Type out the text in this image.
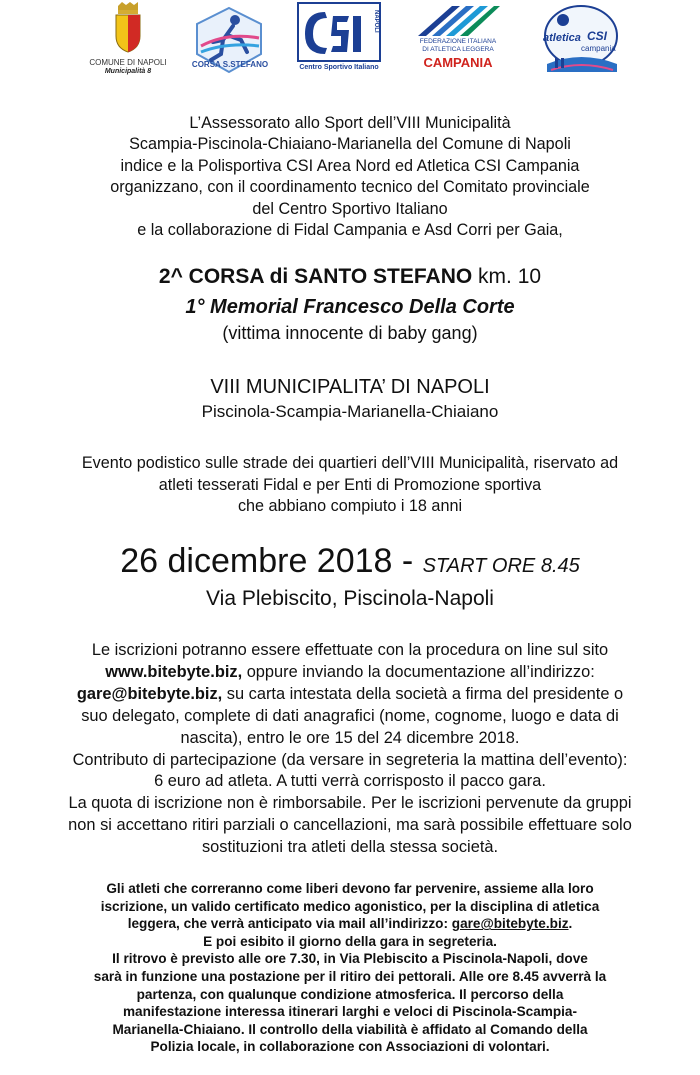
COMUNE DI NAPOLI
Municipalità 8
CORSA S.STEFANO
NAPOLI
Centro Sportivo Italiano
FEDERAZIONE ITALIANA
DI ATLETICA LEGGERA
CAMPANIA
atletica CSI
campania
L’Assessorato allo Sport dell’VIII Municipalità
Scampia-Piscinola-Chiaiano-Marianella del Comune di Napoli
indice e la Polisportiva CSI Area Nord ed Atletica CSI Campania
organizzano, con il coordinamento tecnico del Comitato provinciale
del Centro Sportivo Italiano
e la collaborazione di Fidal Campania e Asd Corri per Gaia,
2^ CORSA di SANTO STEFANO km. 10
1° Memorial Francesco Della Corte
(vittima innocente di baby gang)
VIII MUNICIPALITA’ DI NAPOLI
Piscinola-Scampia-Marianella-Chiaiano
Evento podistico sulle strade dei quartieri dell’VIII Municipalità, riservato ad
atleti tesserati Fidal e per Enti di Promozione sportiva
che abbiano compiuto i 18 anni
26 dicembre 2018 - START ORE 8.45
Via Plebiscito, Piscinola-Napoli
Le iscrizioni potranno essere effettuate con la procedura on line sul sito
www.bitebyte.biz, oppure inviando la documentazione all’indirizzo:
gare@bitebyte.biz, su carta intestata della società a firma del presidente o
suo delegato, complete di dati anagrafici (nome, cognome, luogo e data di
nascita), entro le ore 15 del 24 dicembre 2018.
Contributo di partecipazione (da versare in segreteria la mattina dell’evento):
6 euro ad atleta. A tutti verrà corrisposto il pacco gara.
La quota di iscrizione non è rimborsabile. Per le iscrizioni pervenute da gruppi
non si accettano ritiri parziali o cancellazioni, ma sarà possibile effettuare solo
sostituzioni tra atleti della stessa società.
Gli atleti che correranno come liberi devono far pervenire, assieme alla loro
iscrizione, un valido certificato medico agonistico, per la disciplina di atletica
leggera, che verrà anticipato via mail all’indirizzo: gare@bitebyte.biz.
E poi esibito il giorno della gara in segreteria.
Il ritrovo è previsto alle ore 7.30, in Via Plebiscito a Piscinola-Napoli, dove
sarà in funzione una postazione per il ritiro dei pettorali. Alle ore 8.45 avverrà la
partenza, con qualunque condizione atmosferica. Il percorso della
manifestazione interessa itinerari larghi e veloci di Piscinola-Scampia-
Marianella-Chiaiano. Il controllo della viabilità è affidato al Comando della
Polizia locale, in collaborazione con Associazioni di volontari.
